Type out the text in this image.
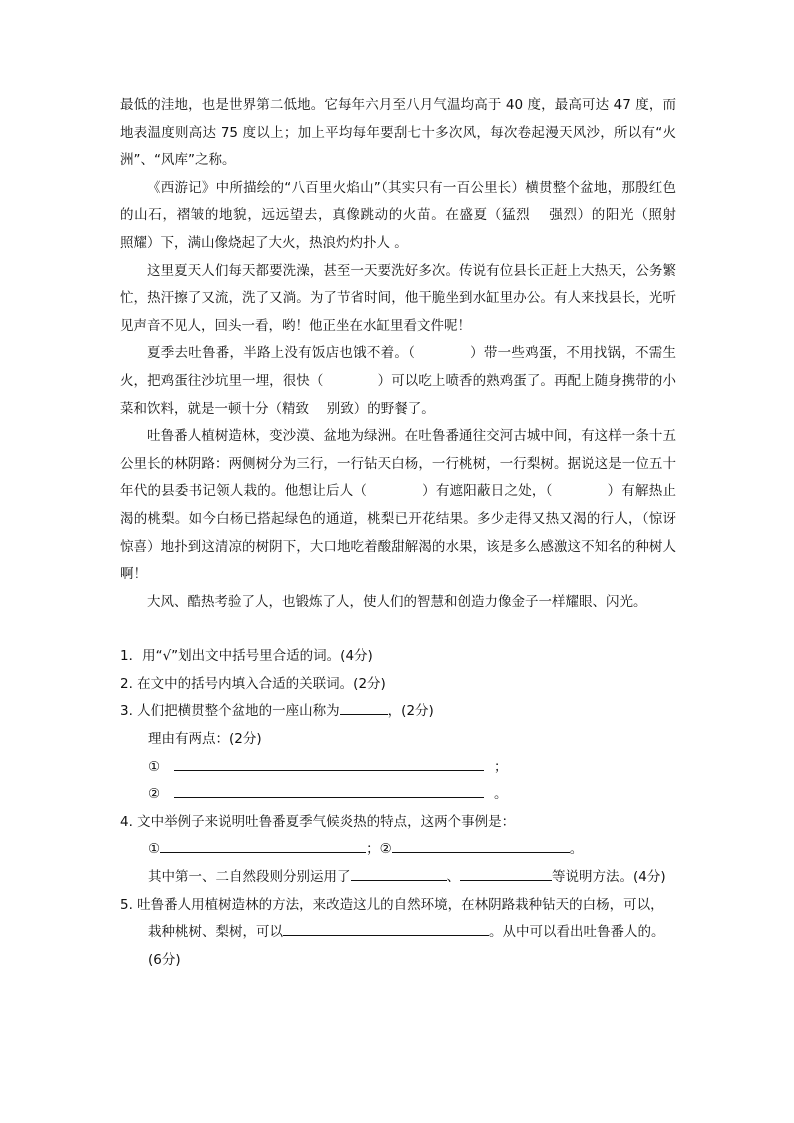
最低的洼地，也是世界第二低地。它每年六月至八月气温均高于 40 度，最高可达 47 度，而地表温度则高达 75 度以上；加上平均每年要刮七十多次风，每次卷起漫天风沙，所以有“火洲”、“风库”之称。

《西游记》中所描绘的“八百里火焰山”（其实只有一百公里长）横贯整个盆地，那殷红色的山石，褶皱的地貌，远远望去，真像跳动的火苗。在盛夏（猛烈　 强烈）的阳光（照射　照耀）下，满山像烧起了大火，热浪灼灼扑人 。

这里夏天人们每天都要洗澡，甚至一天要洗好多次。传说有位县长正赶上大热天，公务繁忙，热汗擦了又流，洗了又淌。为了节省时间，他干脆坐到水缸里办公。有人来找县长，光听见声音不见人，回头一看，哟！他正坐在水缸里看文件呢！

夏季去吐鲁番，半路上没有饭店也饿不着。（　　　　）带一些鸡蛋，不用找锅，不需生火，把鸡蛋往沙坑里一埋，很快（　　　　）可以吃上喷香的熟鸡蛋了。再配上随身携带的小菜和饮料，就是一顿十分（精致　 别致）的野餐了。

吐鲁番人植树造林，变沙漠、盆地为绿洲。在吐鲁番通往交河古城中间，有这样一条十五公里长的林阴路：两侧树分为三行，一行钻天白杨，一行桃树，一行梨树。据说这是一位五十年代的县委书记领人栽的。他想让后人（　　　　）有遮阳蔽日之处，（　　　　）有解热止渴的桃梨。如今白杨已搭起绿色的通道，桃梨已开花结果。多少走得又热又渴的行人，（惊讶　 惊喜）地扑到这清凉的树阴下，大口地吃着酸甜解渴的水果，该是多么感激这不知名的种树人啊！

大风、酷热考验了人，也锻炼了人，使人们的智慧和创造力像金子一样耀眼、闪光。

1．用“√”划出文中括号里合适的词。(4分)

2. 在文中的括号内填入合适的关联词。(2分)

3. 人们把横贯整个盆地的一座山称为	，(2分)

理由有两点：(2分)

①	；

②	。

4. 文中举例子来说明吐鲁番夏季气候炎热的特点，这两个事例是：

①	；②	。

其中第一、二自然段则分别运用了	、	等说明方法。(4分)

5. 吐鲁番人用植树造林的方法，来改造这儿的自然环境，在林阴路栽种钻天的白杨，可以，栽种桃树、梨树，可以	。从中可以看出吐鲁番人的。(6分)
